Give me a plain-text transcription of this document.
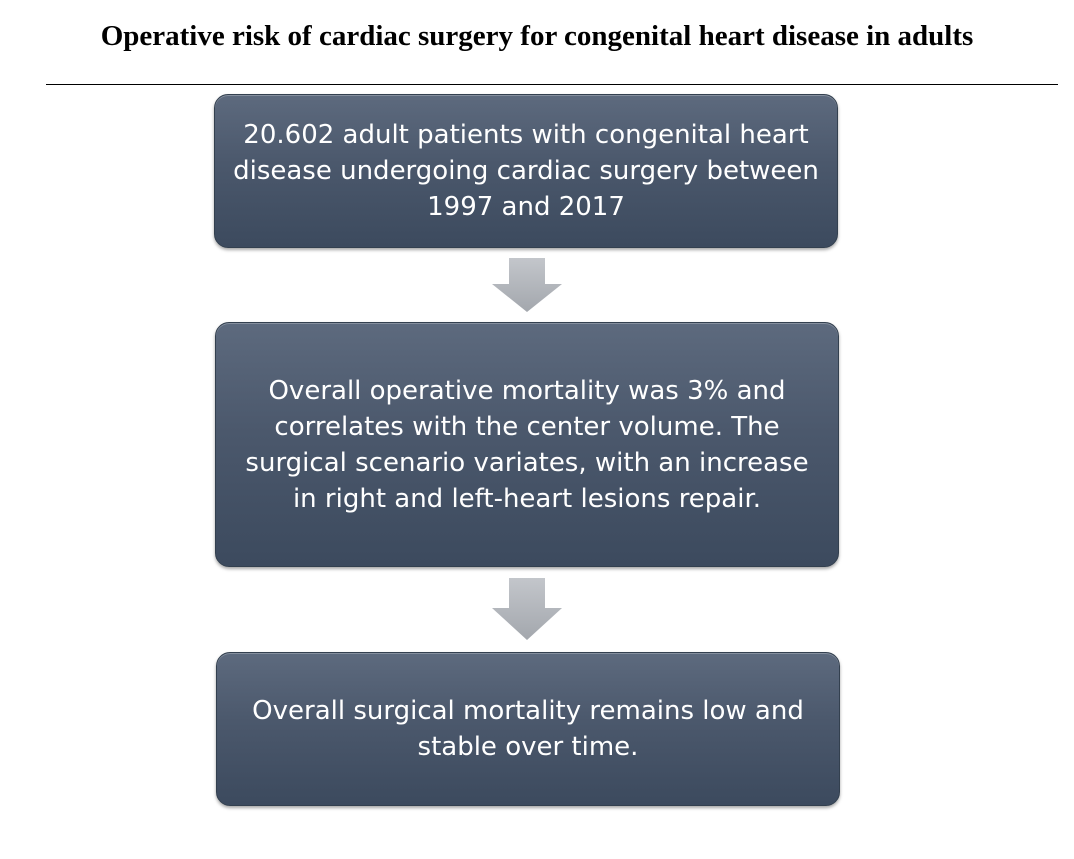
Operative risk of cardiac surgery for congenital heart disease in adults
20.602 adult patients with congenital heart disease undergoing cardiac surgery between 1997 and 2017
Overall operative mortality was 3% and correlates with the center volume. The surgical scenario variates, with an increase in right and left-heart lesions repair.
Overall surgical mortality remains low and stable over time.
